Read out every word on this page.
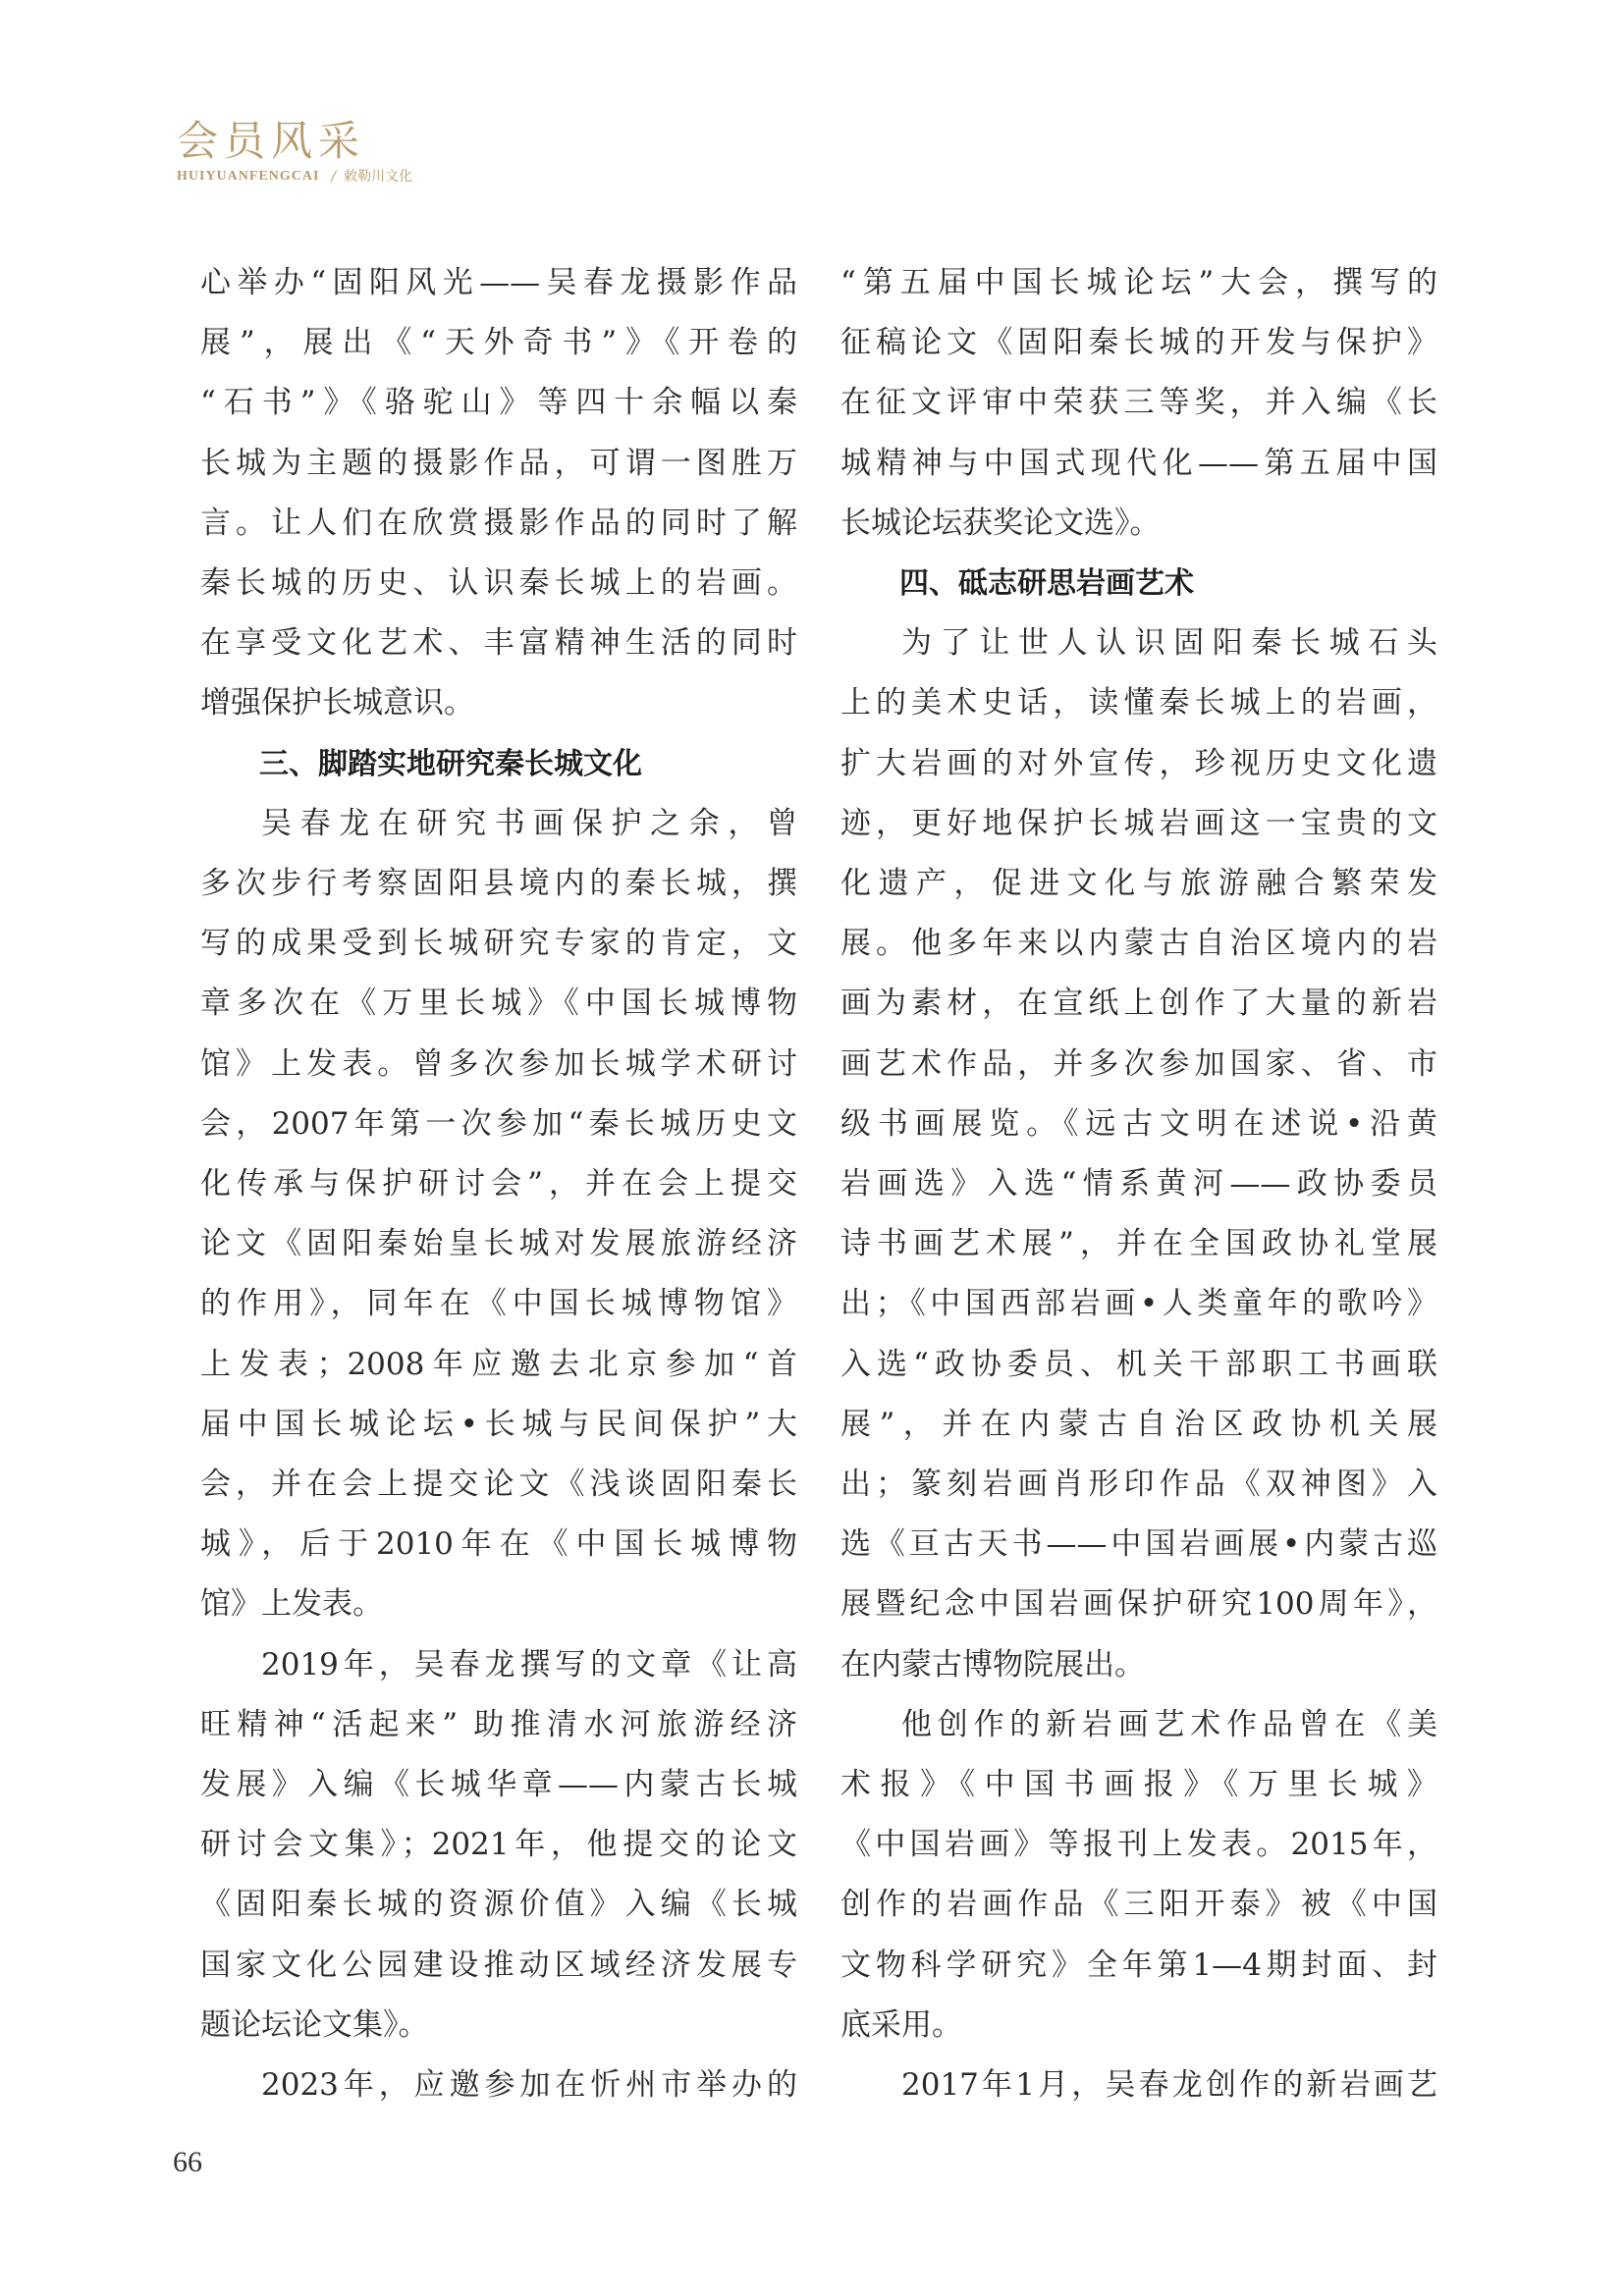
会员风采
HUIYUANFENGCAI / 敕勒川文化

心举办“固阳风光——吴春龙摄影作品

展”，展出《“天外奇书”》《开卷的

“石书”》《骆驼山》等四十余幅以秦

长城为主题的摄影作品，可谓一图胜万

言。让人们在欣赏摄影作品的同时了解

秦长城的历史、认识秦长城上的岩画。

在享受文化艺术、丰富精神生活的同时

增强保护长城意识。

三、脚踏实地研究秦长城文化

吴春龙在研究书画保护之余，曾

多次步行考察固阳县境内的秦长城，撰

写的成果受到长城研究专家的肯定，文

章多次在《万里长城》《中国长城博物

馆》上发表。曾多次参加长城学术研讨

会，2007年第一次参加“秦长城历史文

化传承与保护研讨会”，并在会上提交

论文《固阳秦始皇长城对发展旅游经济

的作用》，同年在《中国长城博物馆》

上发表；2008年应邀去北京参加“首

届中国长城论坛•长城与民间保护”大

会，并在会上提交论文《浅谈固阳秦长

城》，后于2010年在《中国长城博物

馆》上发表。

2019年，吴春龙撰写的文章《让高

旺精神“活起来” 助推清水河旅游经济

发展》入编《长城华章——内蒙古长城

研讨会文集》；2021年，他提交的论文

《固阳秦长城的资源价值》入编《长城

国家文化公园建设推动区域经济发展专

题论坛论文集》。

2023年，应邀参加在忻州市举办的

“第五届中国长城论坛”大会，撰写的

征稿论文《固阳秦长城的开发与保护》

在征文评审中荣获三等奖，并入编《长

城精神与中国式现代化——第五届中国

长城论坛获奖论文选》。

四、砥志研思岩画艺术

为了让世人认识固阳秦长城石头

上的美术史话，读懂秦长城上的岩画，

扩大岩画的对外宣传，珍视历史文化遗

迹，更好地保护长城岩画这一宝贵的文

化遗产，促进文化与旅游融合繁荣发

展。他多年来以内蒙古自治区境内的岩

画为素材，在宣纸上创作了大量的新岩

画艺术作品，并多次参加国家、省、市

级书画展览。《远古文明在述说•沿黄

岩画选》入选“情系黄河——政协委员

诗书画艺术展”，并在全国政协礼堂展

出；《中国西部岩画•人类童年的歌吟》

入选“政协委员、机关干部职工书画联

展”，并在内蒙古自治区政协机关展

出；篆刻岩画肖形印作品《双神图》入

选《亘古天书——中国岩画展•内蒙古巡

展暨纪念中国岩画保护研究100周年》，

在内蒙古博物院展出。

他创作的新岩画艺术作品曾在《美

术报》《中国书画报》《万里长城》

《中国岩画》等报刊上发表。2015年，

创作的岩画作品《三阳开泰》被《中国

文物科学研究》全年第1—4期封面、封

底采用。

2017年1月，吴春龙创作的新岩画艺

66
